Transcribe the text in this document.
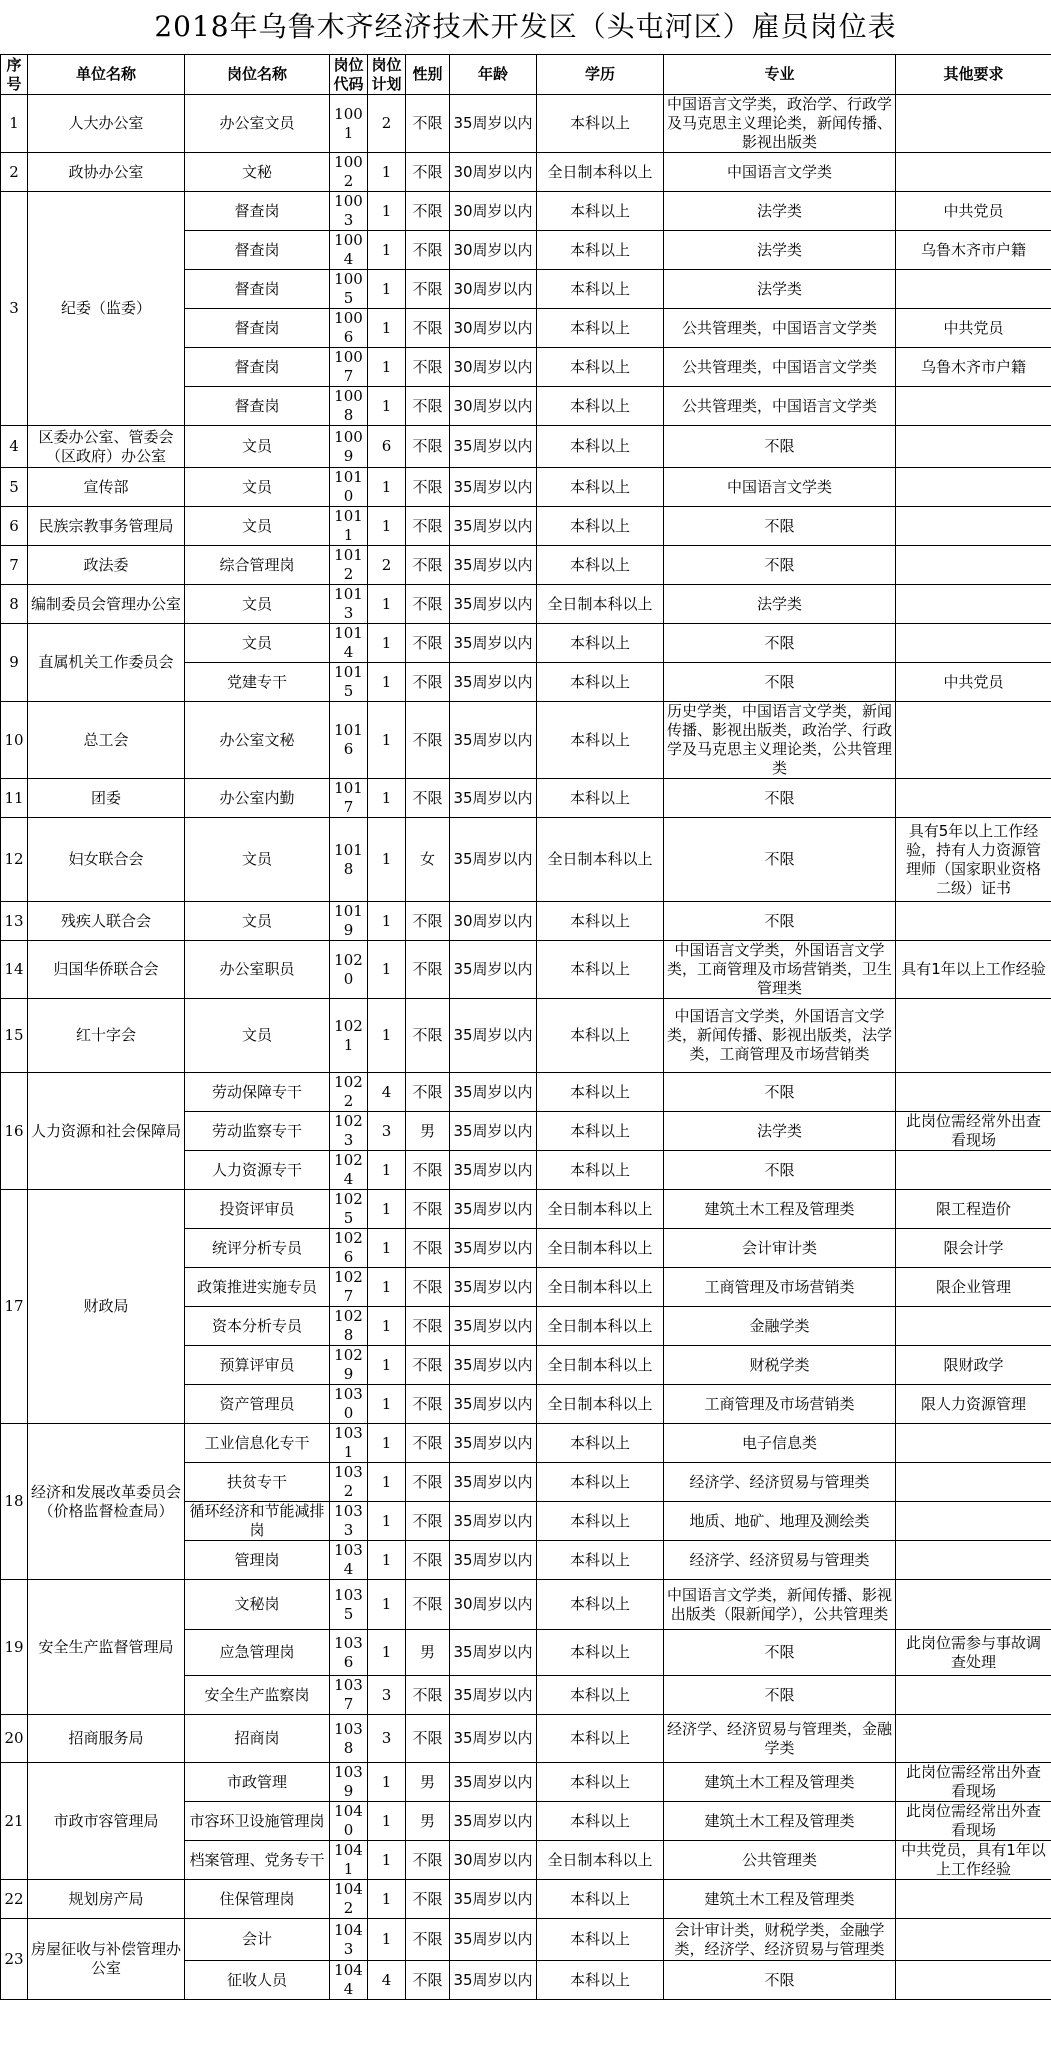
2018年乌鲁木齐经济技术开发区（头屯河区）雇员岗位表
序号	单位名称	岗位名称	岗位代码	岗位计划	性别	年龄	学历	专业	其他要求
1	人大办公室	办公室文员	1001	2	不限	35周岁以内	本科以上	中国语言文学类，政治学、行政学及马克思主义理论类，新闻传播、影视出版类	
2	政协办公室	文秘	1002	1	不限	30周岁以内	全日制本科以上	中国语言文学类	
3	纪委（监委）	督查岗	1003	1	不限	30周岁以内	本科以上	法学类	中共党员
		督查岗	1004	1	不限	30周岁以内	本科以上	法学类	乌鲁木齐市户籍
		督查岗	1005	1	不限	30周岁以内	本科以上	法学类	
		督查岗	1006	1	不限	30周岁以内	本科以上	公共管理类，中国语言文学类	中共党员
		督查岗	1007	1	不限	30周岁以内	本科以上	公共管理类，中国语言文学类	乌鲁木齐市户籍
		督查岗	1008	1	不限	30周岁以内	本科以上	公共管理类，中国语言文学类	
4	区委办公室、管委会（区政府）办公室	文员	1009	6	不限	35周岁以内	本科以上	不限	
5	宣传部	文员	1010	1	不限	35周岁以内	本科以上	中国语言文学类	
6	民族宗教事务管理局	文员	1011	1	不限	35周岁以内	本科以上	不限	
7	政法委	综合管理岗	1012	2	不限	35周岁以内	本科以上	不限	
8	编制委员会管理办公室	文员	1013	1	不限	35周岁以内	全日制本科以上	法学类	
9	直属机关工作委员会	文员	1014	1	不限	35周岁以内	本科以上	不限	
		党建专干	1015	1	不限	35周岁以内	本科以上	不限	中共党员
10	总工会	办公室文秘	1016	1	不限	35周岁以内	本科以上	历史学类，中国语言文学类，新闻传播、影视出版类，政治学、行政学及马克思主义理论类，公共管理类	
11	团委	办公室内勤	1017	1	不限	35周岁以内	本科以上	不限	
12	妇女联合会	文员	1018	1	女	35周岁以内	全日制本科以上	不限	具有5年以上工作经验，持有人力资源管理师（国家职业资格二级）证书
13	残疾人联合会	文员	1019	1	不限	30周岁以内	本科以上	不限	
14	归国华侨联合会	办公室职员	1020	1	不限	35周岁以内	本科以上	中国语言文学类，外国语言文学类，工商管理及市场营销类，卫生管理类	具有1年以上工作经验
15	红十字会	文员	1021	1	不限	35周岁以内	本科以上	中国语言文学类，外国语言文学类，新闻传播、影视出版类，法学类，工商管理及市场营销类	
16	人力资源和社会保障局	劳动保障专干	1022	4	不限	35周岁以内	本科以上	不限	
		劳动监察专干	1023	3	男	35周岁以内	本科以上	法学类	此岗位需经常外出查看现场
		人力资源专干	1024	1	不限	35周岁以内	本科以上	不限	
17	财政局	投资评审员	1025	1	不限	35周岁以内	全日制本科以上	建筑土木工程及管理类	限工程造价
		统评分析专员	1026	1	不限	35周岁以内	全日制本科以上	会计审计类	限会计学
		政策推进实施专员	1027	1	不限	35周岁以内	全日制本科以上	工商管理及市场营销类	限企业管理
		资本分析专员	1028	1	不限	35周岁以内	全日制本科以上	金融学类	
		预算评审员	1029	1	不限	35周岁以内	全日制本科以上	财税学类	限财政学
		资产管理员	1030	1	不限	35周岁以内	全日制本科以上	工商管理及市场营销类	限人力资源管理
18	经济和发展改革委员会（价格监督检查局）	工业信息化专干	1031	1	不限	35周岁以内	本科以上	电子信息类	
		扶贫专干	1032	1	不限	35周岁以内	本科以上	经济学、经济贸易与管理类	
		循环经济和节能减排岗	1033	1	不限	35周岁以内	本科以上	地质、地矿、地理及测绘类	
		管理岗	1034	1	不限	35周岁以内	本科以上	经济学、经济贸易与管理类	
19	安全生产监督管理局	文秘岗	1035	1	不限	30周岁以内	本科以上	中国语言文学类，新闻传播、影视出版类（限新闻学），公共管理类	
		应急管理岗	1036	1	男	35周岁以内	本科以上	不限	此岗位需参与事故调查处理
		安全生产监察岗	1037	3	不限	35周岁以内	本科以上	不限	
20	招商服务局	招商岗	1038	3	不限	35周岁以内	本科以上	经济学、经济贸易与管理类，金融学类	
21	市政市容管理局	市政管理	1039	1	男	35周岁以内	本科以上	建筑土木工程及管理类	此岗位需经常出外查看现场
		市容环卫设施管理岗	1040	1	男	35周岁以内	本科以上	建筑土木工程及管理类	此岗位需经常出外查看现场
		档案管理、党务专干	1041	1	不限	30周岁以内	全日制本科以上	公共管理类	中共党员，具有1年以上工作经验
22	规划房产局	住保管理岗	1042	1	不限	35周岁以内	本科以上	建筑土木工程及管理类	
23	房屋征收与补偿管理办公室	会计	1043	1	不限	35周岁以内	本科以上	会计审计类，财税学类，金融学类，经济学、经济贸易与管理类	
		征收人员	1044	4	不限	35周岁以内	本科以上	不限	
